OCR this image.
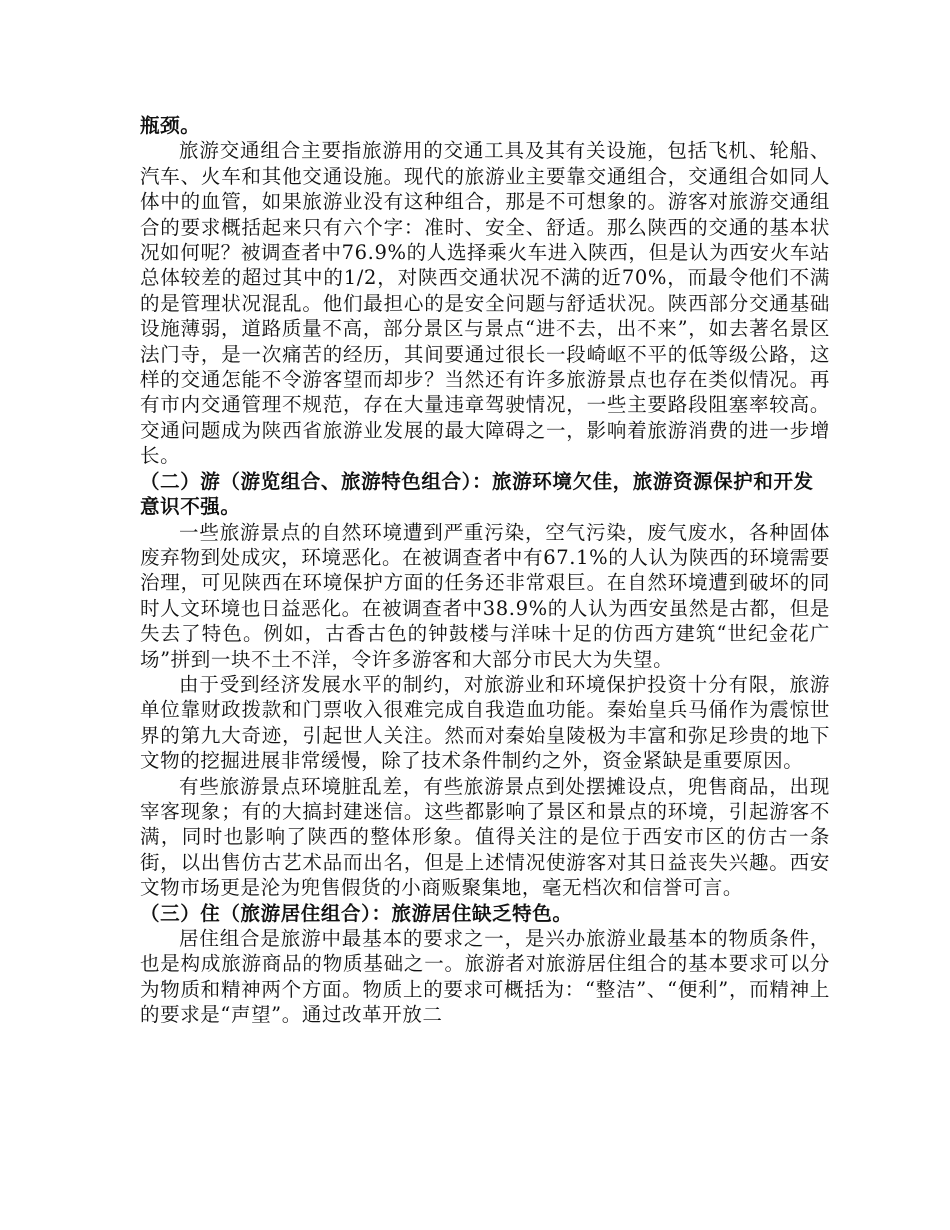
瓶颈。

旅游交通组合主要指旅游用的交通工具及其有关设施，包括飞机、轮船、汽车、火车和其他交通设施。现代的旅游业主要靠交通组合，交通组合如同人体中的血管，如果旅游业没有这种组合，那是不可想象的。游客对旅游交通组合的要求概括起来只有六个字：准时、安全、舒适。那么陕西的交通的基本状况如何呢？被调查者中76.9%的人选择乘火车进入陕西，但是认为西安火车站总体较差的超过其中的1/2，对陕西交通状况不满的近70%，而最令他们不满的是管理状况混乱。他们最担心的是安全问题与舒适状况。陕西部分交通基础设施薄弱，道路质量不高，部分景区与景点“进不去，出不来”，如去著名景区法门寺，是一次痛苦的经历，其间要通过很长一段崎岖不平的低等级公路，这样的交通怎能不令游客望而却步？当然还有许多旅游景点也存在类似情况。再有市内交通管理不规范，存在大量违章驾驶情况，一些主要路段阻塞率较高。交通问题成为陕西省旅游业发展的最大障碍之一，影响着旅游消费的进一步增长。

（二）游（游览组合、旅游特色组合）：旅游环境欠佳，旅游资源保护和开发意识不强。

一些旅游景点的自然环境遭到严重污染，空气污染，废气废水，各种固体废弃物到处成灾，环境恶化。在被调查者中有67.1%的人认为陕西的环境需要治理，可见陕西在环境保护方面的任务还非常艰巨。在自然环境遭到破坏的同时人文环境也日益恶化。在被调查者中38.9%的人认为西安虽然是古都，但是失去了特色。例如，古香古色的钟鼓楼与洋味十足的仿西方建筑“世纪金花广场”拼到一块不土不洋，令许多游客和大部分市民大为失望。

由于受到经济发展水平的制约，对旅游业和环境保护投资十分有限，旅游单位靠财政拨款和门票收入很难完成自我造血功能。秦始皇兵马俑作为震惊世界的第九大奇迹，引起世人关注。然而对秦始皇陵极为丰富和弥足珍贵的地下文物的挖掘进展非常缓慢，除了技术条件制约之外，资金紧缺是重要原因。

有些旅游景点环境脏乱差，有些旅游景点到处摆摊设点，兜售商品，出现宰客现象；有的大搞封建迷信。这些都影响了景区和景点的环境，引起游客不满，同时也影响了陕西的整体形象。值得关注的是位于西安市区的仿古一条街，以出售仿古艺术品而出名，但是上述情况使游客对其日益丧失兴趣。西安文物市场更是沦为兜售假货的小商贩聚集地，毫无档次和信誉可言。

（三）住（旅游居住组合）：旅游居住缺乏特色。

居住组合是旅游中最基本的要求之一，是兴办旅游业最基本的物质条件，也是构成旅游商品的物质基础之一。旅游者对旅游居住组合的基本要求可以分为物质和精神两个方面。物质上的要求可概括为：“整洁”、“便利”，而精神上的要求是“声望”。通过改革开放二
